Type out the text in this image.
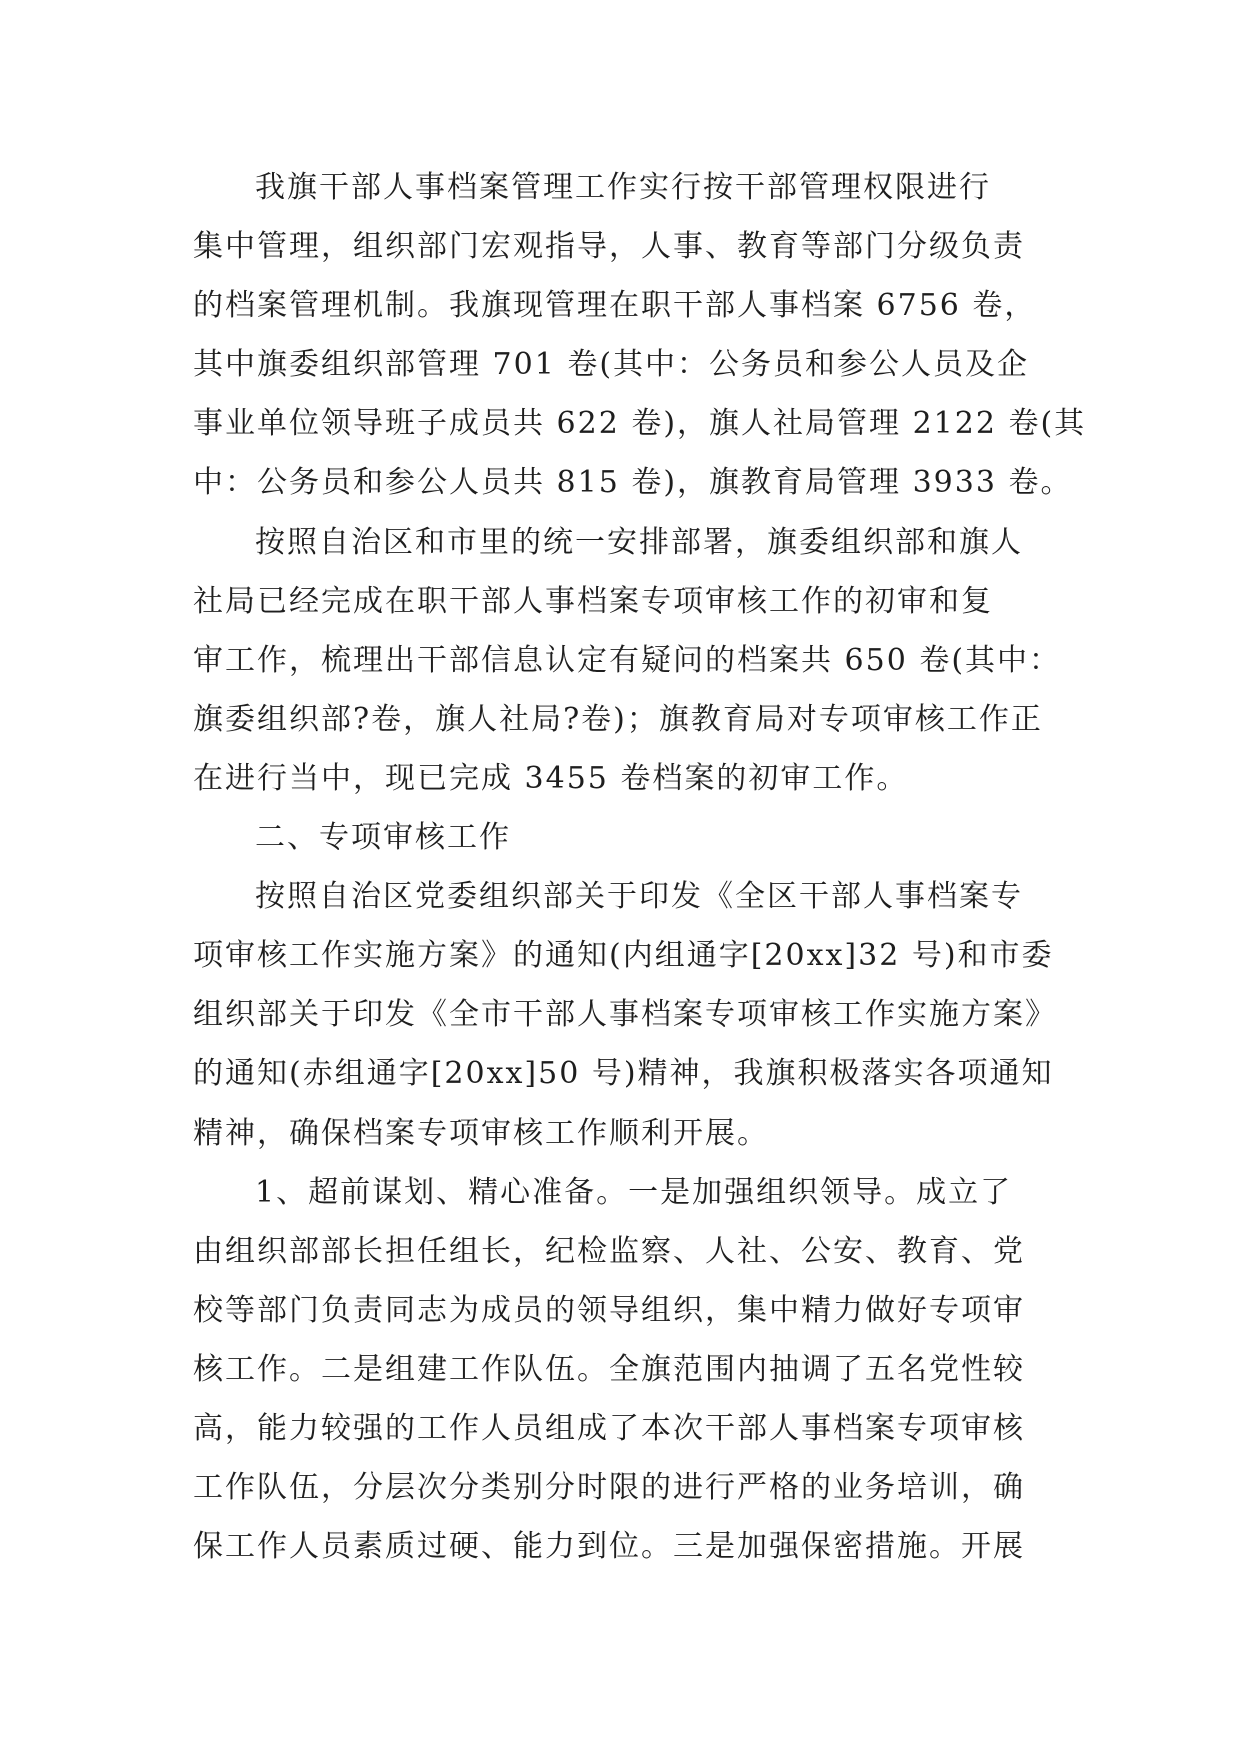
我旗干部人事档案管理工作实行按干部管理权限进行
集中管理，组织部门宏观指导，人事、教育等部门分级负责
的档案管理机制。我旗现管理在职干部人事档案 6756 卷，
其中旗委组织部管理 701 卷(其中：公务员和参公人员及企
事业单位领导班子成员共 622 卷)，旗人社局管理 2122 卷(其
中：公务员和参公人员共 815 卷)，旗教育局管理 3933 卷。
按照自治区和市里的统一安排部署，旗委组织部和旗人
社局已经完成在职干部人事档案专项审核工作的初审和复
审工作，梳理出干部信息认定有疑问的档案共 650 卷(其中：
旗委组织部?卷，旗人社局?卷)；旗教育局对专项审核工作正
在进行当中，现已完成 3455 卷档案的初审工作。
二、专项审核工作
按照自治区党委组织部关于印发《全区干部人事档案专
项审核工作实施方案》的通知(内组通字[20xx]32 号)和市委
组织部关于印发《全市干部人事档案专项审核工作实施方案》
的通知(赤组通字[20xx]50 号)精神，我旗积极落实各项通知
精神，确保档案专项审核工作顺利开展。
1、超前谋划、精心准备。一是加强组织领导。成立了
由组织部部长担任组长，纪检监察、人社、公安、教育、党
校等部门负责同志为成员的领导组织，集中精力做好专项审
核工作。二是组建工作队伍。全旗范围内抽调了五名党性较
高，能力较强的工作人员组成了本次干部人事档案专项审核
工作队伍，分层次分类别分时限的进行严格的业务培训，确
保工作人员素质过硬、能力到位。三是加强保密措施。开展
